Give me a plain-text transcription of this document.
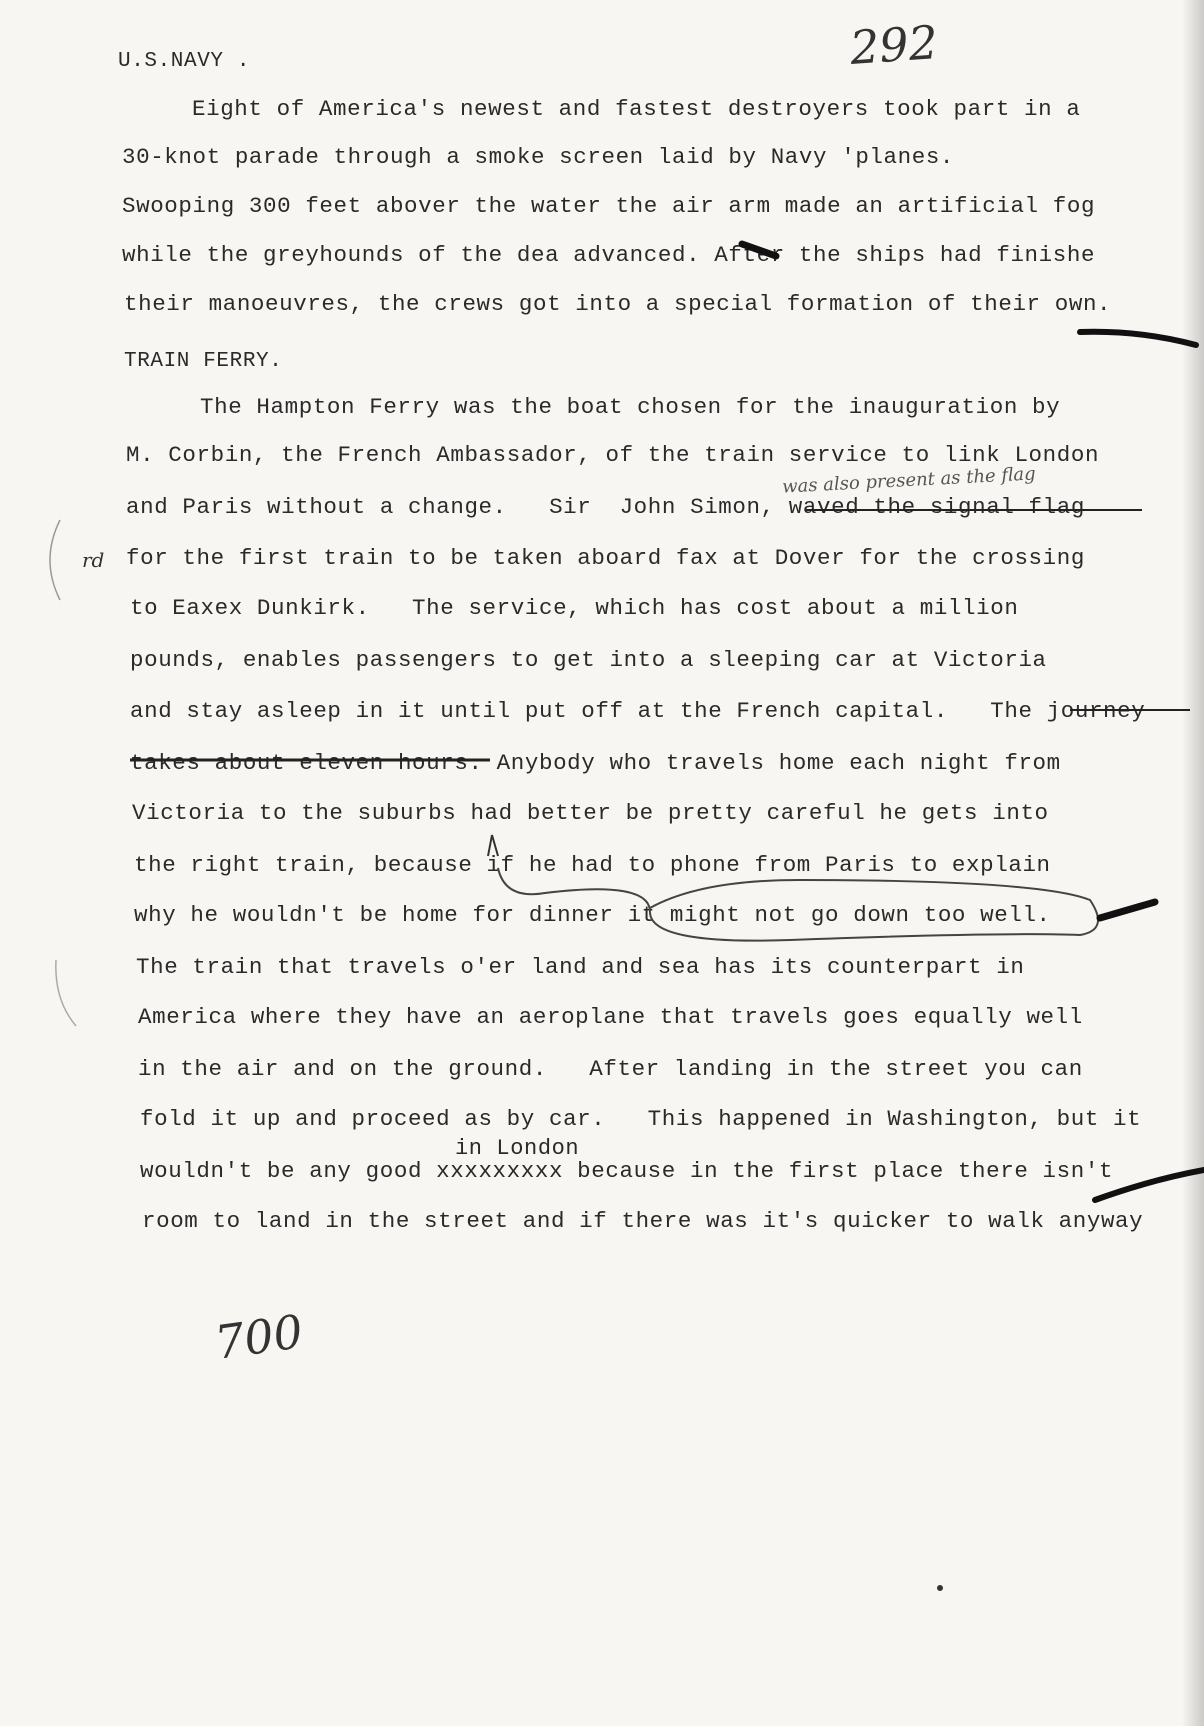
292
U.S.NAVY .
Eight of America's newest and fastest destroyers took part in a
30-knot parade through a smoke screen laid by Navy 'planes.
Swooping 300 feet abover the water the air arm made an artificial fog
while the greyhounds of the dea advanced. After the ships had finishe
their manoeuvres, the crews got into a special formation of their own.
TRAIN FERRY.
The Hampton Ferry was the boat chosen for the inauguration by
M. Corbin, the French Ambassador, of the train service to link London
and Paris without a change.   Sir  John Simon, waved the signal flag
for the first train to be taken aboard fax at Dover for the crossing
to Eaxex Dunkirk.   The service, which has cost about a million
pounds, enables passengers to get into a sleeping car at Victoria
and stay asleep in it until put off at the French capital.   The journey
takes about eleven hours. Anybody who travels home each night from
Victoria to the suburbs had better be pretty careful he gets into
the right train, because if he had to phone from Paris to explain
why he wouldn't be home for dinner it might not go down too well.
The train that travels o'er land and sea has its counterpart in
America where they have an aeroplane that travels goes equally well
in the air and on the ground.   After landing in the street you can
fold it up and proceed as by car.   This happened in Washington, but it
in London
wouldn't be any good xxxxxxxxx because in the first place there isn't
room to land in the street and if there was it's quicker to walk anyway
was also present as the flag
rd
700
